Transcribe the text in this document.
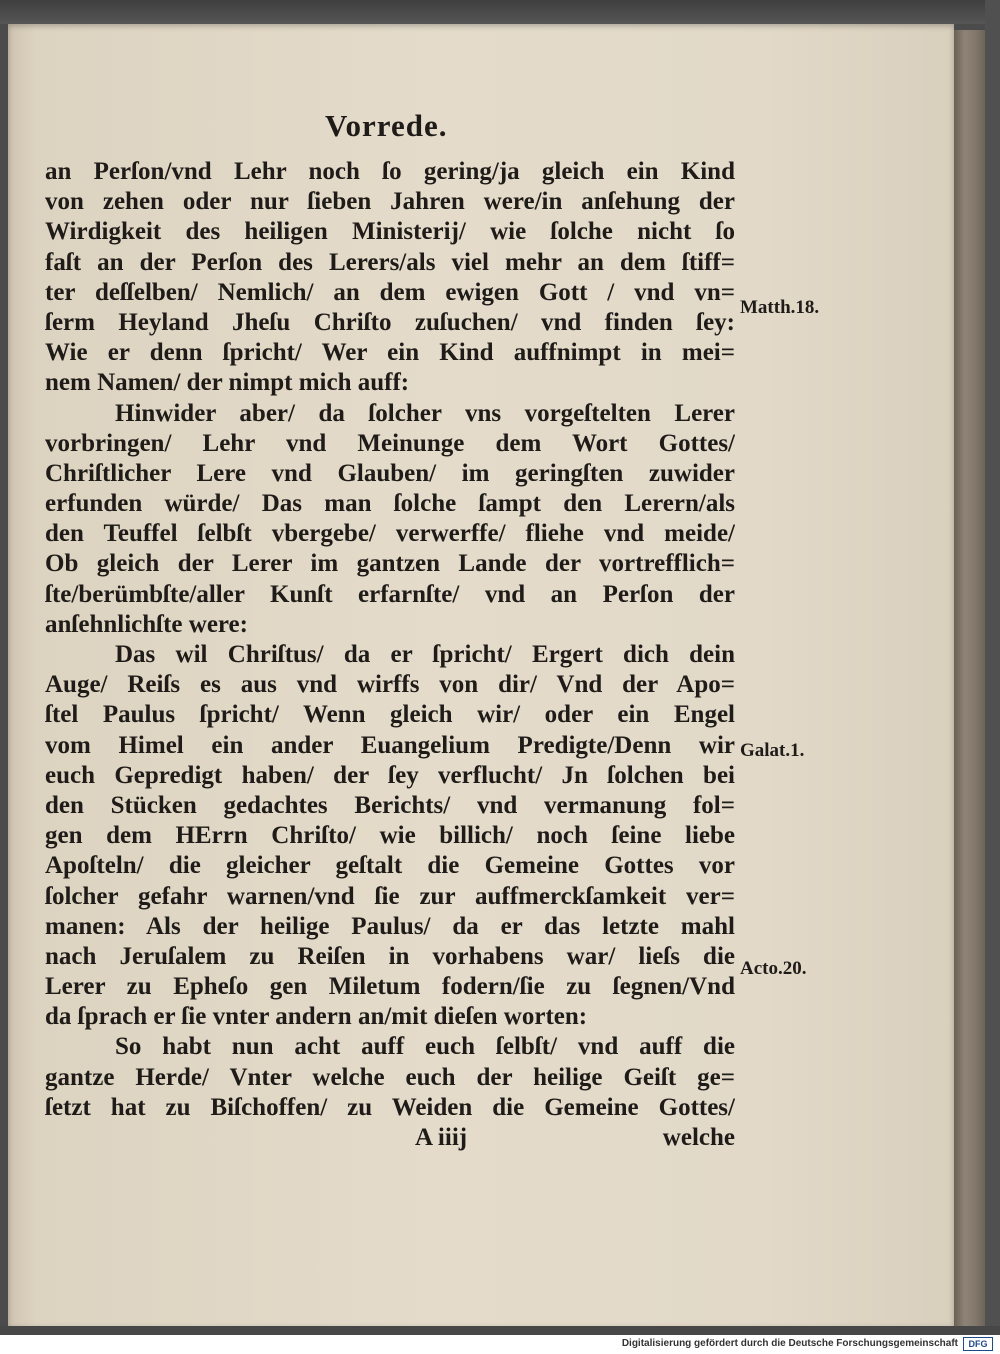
Vorrede.
an Perſon/vnd Lehr noch ſo gering/ja gleich ein Kind
von zehen oder nur ſieben Jahren were/in anſehung der
Wirdigkeit des heiligen Ministerij/ wie ſolche nicht ſo
faſt an der Perſon des Lerers/als viel mehr an dem ſtiff=
ter deſſelben/ Nemlich/ an dem ewigen Gott / vnd vn=
ſerm Heyland Jheſu Chriſto zuſuchen/ vnd finden ſey:
Wie er denn ſpricht/ Wer ein Kind auffnimpt in mei=
nem Namen/ der nimpt mich auff:
Hinwider aber/ da ſolcher vns vorgeſtelten Lerer
vorbringen/ Lehr vnd Meinunge dem Wort Gottes/
Chriſtlicher Lere vnd Glauben/ im geringſten zuwider
erfunden würde/ Das man ſolche ſampt den Lerern/als
den Teuffel ſelbſt vbergebe/ verwerffe/ fliehe vnd meide/
Ob gleich der Lerer im gantzen Lande der vortrefflich=
ſte/berümbſte/aller Kunſt erfarnſte/ vnd an Perſon der
anſehnlichſte were:
Das wil Chriſtus/ da er ſpricht/ Ergert dich dein
Auge/ Reiſs es aus vnd wirffs von dir/ Vnd der Apo=
ſtel Paulus ſpricht/ Wenn gleich wir/ oder ein Engel
vom Himel ein ander Euangelium Predigte/Denn wir
euch Gepredigt haben/ der ſey verflucht/ Jn ſolchen bei
den Stücken gedachtes Berichts/ vnd vermanung fol=
gen dem HErrn Chriſto/ wie billich/ noch ſeine liebe
Apoſteln/ die gleicher geſtalt die Gemeine Gottes vor
ſolcher gefahr warnen/vnd ſie zur auffmerckſamkeit ver=
manen: Als der heilige Paulus/ da er das letzte mahl
nach Jeruſalem zu Reiſen in vorhabens war/ lieſs die
Lerer zu Epheſo gen Miletum fodern/ſie zu ſegnen/Vnd
da ſprach er ſie vnter andern an/mit dieſen worten:
So habt nun acht auff euch ſelbſt/ vnd auff die
gantze Herde/ Vnter welche euch der heilige Geiſt ge=
ſetzt hat zu Biſchoffen/ zu Weiden die Gemeine Gottes/
A iiij	welche
Matth.18.
Galat.1.
Acto.20.
Digitalisierung gefördert durch die Deutsche Forschungsgemeinschaft	DFG
